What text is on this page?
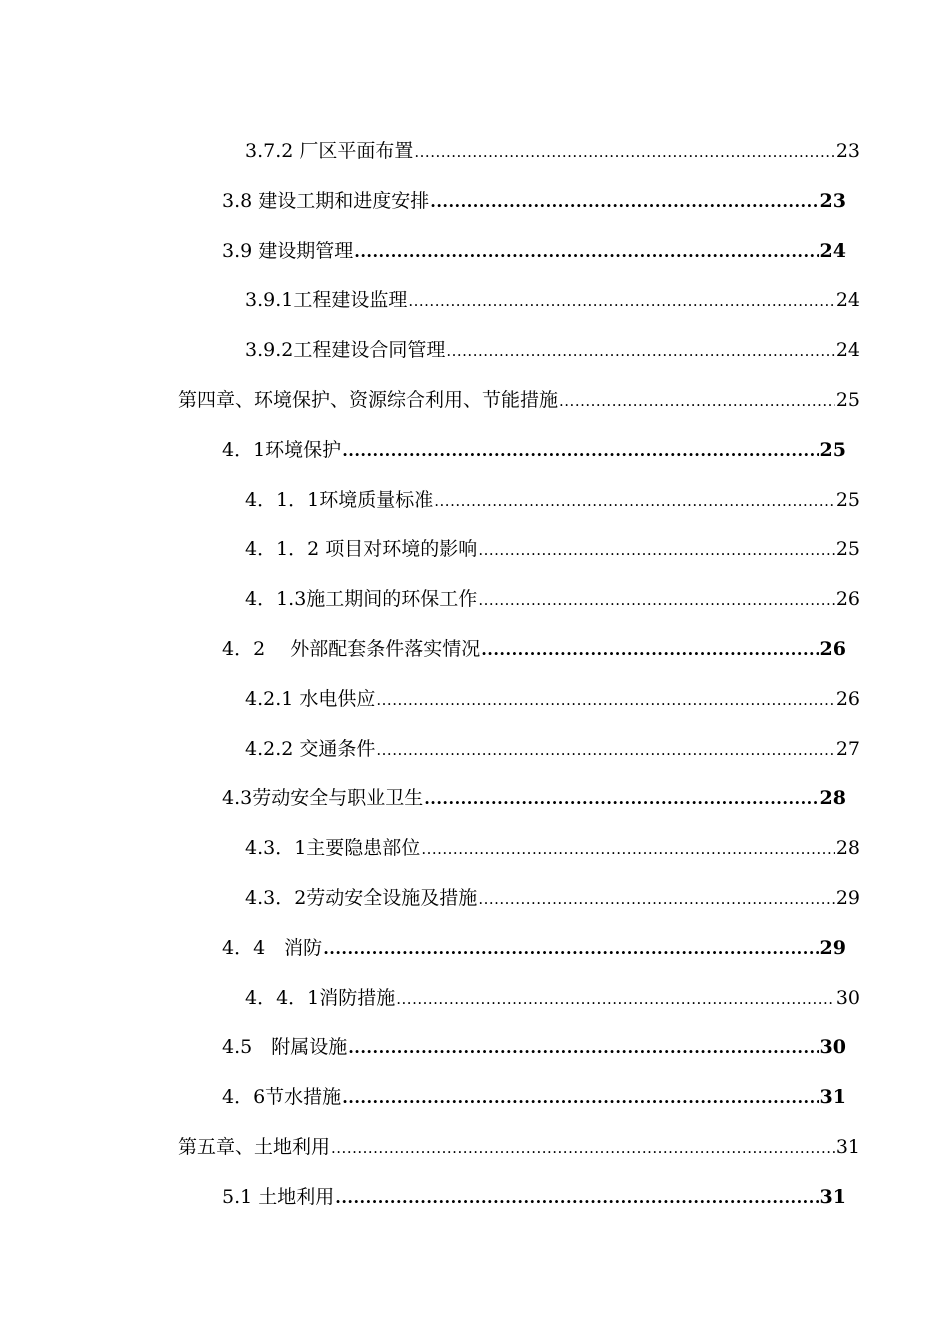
3.7.2 厂区平面布置 .....	23
3.8 建设工期和进度安排 .....	23
3.9 建设期管理 .....	24
3.9.1工程建设监理 .....	24
3.9.2工程建设合同管理 .....	24
第四章、环境保护、资源综合利用、节能措施 .....	25
4．1环境保护 .....	25
4．1．1环境质量标准 .....	25
4．1．2 项目对环境的影响 .....	25
4．1.3施工期间的环保工作 .....	26
4．2　 外部配套条件落实情况 .....	26
4.2.1 水电供应 .....	26
4.2.2 交通条件 .....	27
4.3劳动安全与职业卫生 .....	28
4.3．1主要隐患部位 .....	28
4.3．2劳动安全设施及措施 .....	29
4．4　消防 .....	29
4．4．1消防措施 .....	30
4.5　附属设施 .....	30
4．6节水措施 .....	31
第五章、土地利用 .....	31
5.1 土地利用 .....	31
